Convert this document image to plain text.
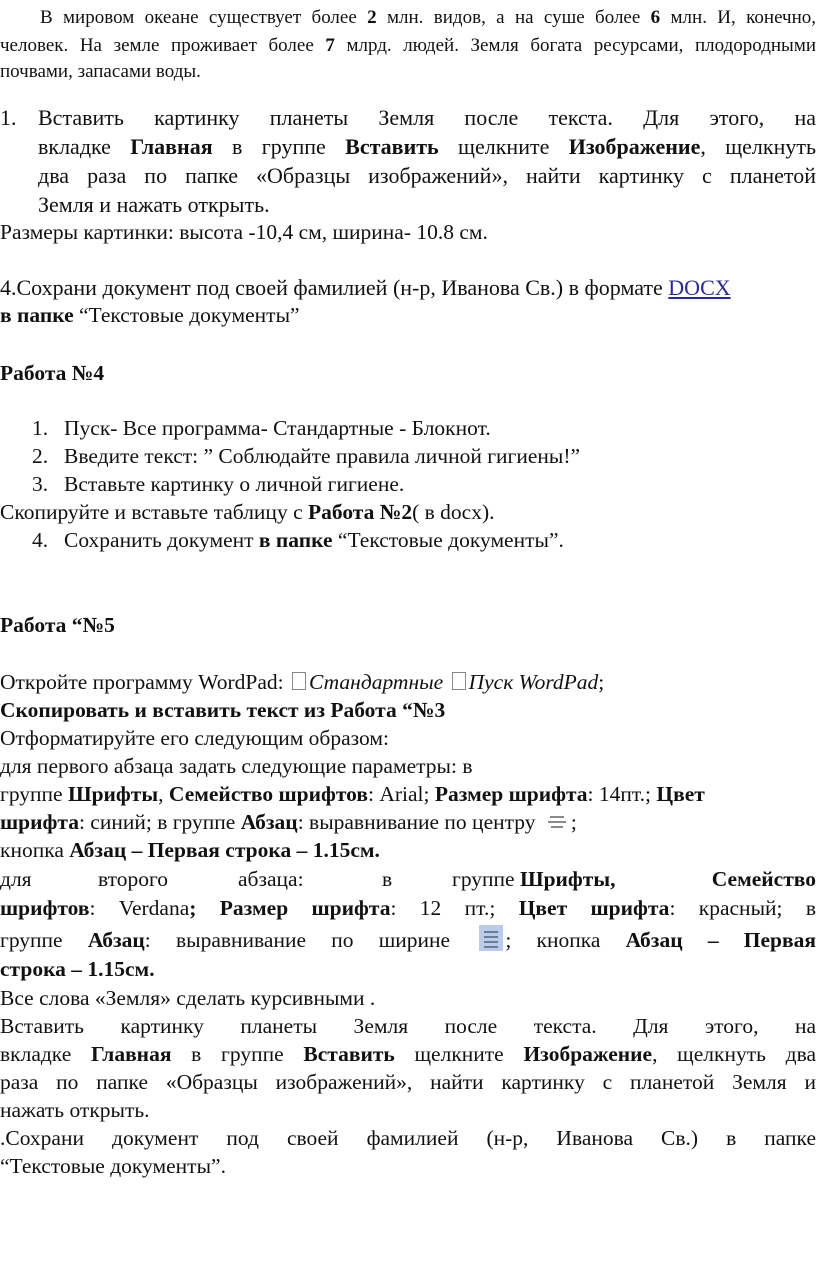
В мировом океане существует более 2 млн. видов, а на суше более 6 млн. И, конечно,

человек. На земле проживает более 7 млрд. людей. Земля богата ресурсами, плодородными

почвами, запасами воды.

1. Вставить картинку планеты Земля после текста. Для этого, на

вкладке Главная в группе Вставить щелкните Изображение, щелкнуть

два раза по папке «Образцы изображений», найти картинку с планетой

Земля и нажать открыть.

Размеры картинки: высота -10,4 см, ширина- 10.8 см.

4.Сохрани документ под своей фамилией (н-р, Иванова Св.) в формате DOCX

в папке “Текстовые документы”

Работа №4

1. Пуск- Все программа- Стандартные - Блокнот.

2. Введите текст: ” Соблюдайте правила личной гигиены!”

3. Вставьте картинку о личной гигиене.

Скопируйте и вставьте таблицу с Работа №2( в docx).

4. Сохранить документ в папке “Текстовые документы”.

Работа “№5

Откройте программу WordPad: Стандартные Пуск WordPad;

Скопировать и вставить текст из Работа “№3

Отформатируйте его следующим образом:

для первого абзаца задать следующие параметры: в

группе Шрифты, Семейство шрифтов: Arial; Размер шрифта: 14пт.; Цвет

шрифта: синий; в группе Абзац: выравнивание по центру
;

кнопка Абзац – Первая строка – 1.15см.

для	второго	абзаца:	в	группе Шрифты,	Семейство

шрифтов: Verdana; Размер шрифта: 12 пт.; Цвет шрифта: красный; в

группе Абзац: выравнивание по ширине
; кнопка Абзац – Первая

строка – 1.15см.

Все слова «Земля» сделать курсивными .

Вставить картинку планеты Земля после текста. Для этого, на

вкладке Главная в группе Вставить щелкните Изображение, щелкнуть два

раза по папке «Образцы изображений», найти картинку с планетой Земля и

нажать открыть.

.Сохрани документ под своей фамилией (н-р, Иванова Св.) в папке

“Текстовые документы”.
